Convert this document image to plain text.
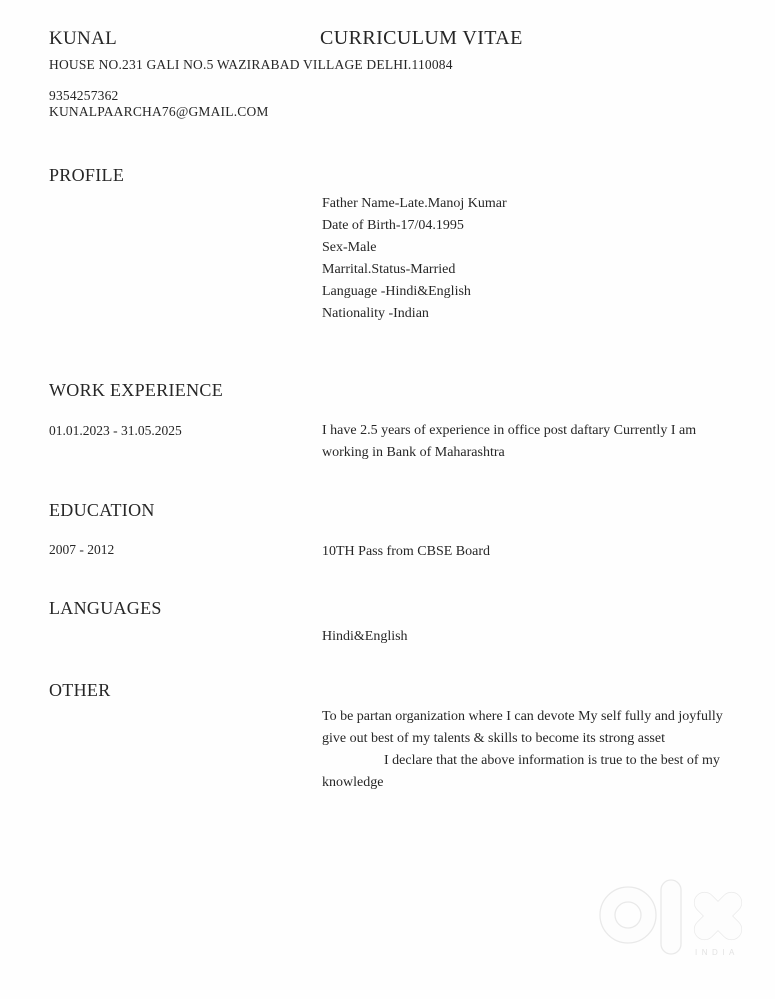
KUNAL	CURRICULUM VITAE
HOUSE NO.231 GALI NO.5 WAZIRABAD VILLAGE DELHI.110084
9354257362
KUNALPAARCHA76@GMAIL.COM
PROFILE
Father Name-Late.Manoj Kumar
Date of Birth-17/04.1995
Sex-Male
Marrital.Status-Married
Language -Hindi&English
Nationality -Indian
WORK EXPERIENCE
01.01.2023 - 31.05.2025	I have 2.5 years of experience in office post daftary Currently I am working in Bank of Maharashtra
EDUCATION
2007 - 2012	10TH Pass from CBSE Board
LANGUAGES
Hindi&English
OTHER

To be partan organization where I can devote My self fully and joyfully give out best of my talents & skills to become its strong asset

I declare that the above information is true to the best of my knowledge

INDIA
